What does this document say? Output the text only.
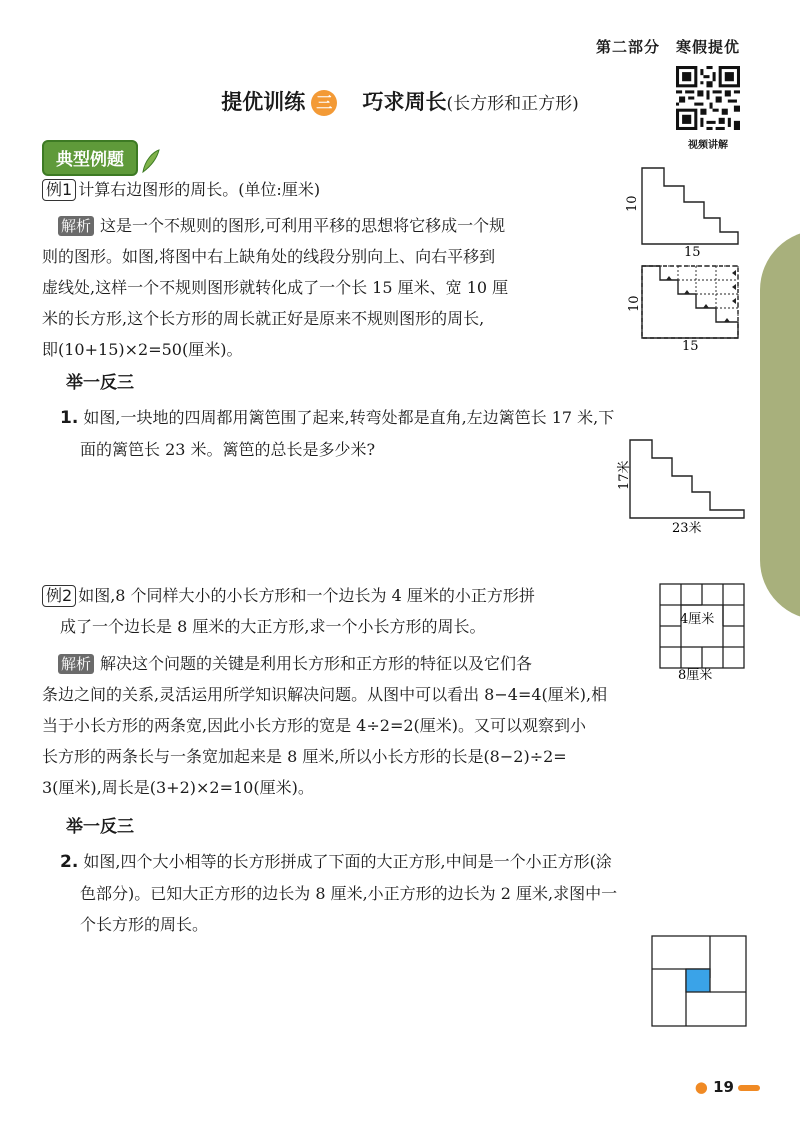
第二部分　寒假提优
视频讲解
提优训练 三 巧求周长(长方形和正方形)
典型例题
例1 计算右边图形的周长。(单位:厘米)
解析 这是一个不规则的图形,可利用平移的思想将它移成一个规
则的图形。如图,将图中右上缺角处的线段分别向上、向右平移到
虚线处,这样一个不规则图形就转化成了一个长 15 厘米、宽 10 厘
米的长方形,这个长方形的周长就正好是原来不规则图形的周长,
即(10+15)×2=50(厘米)。
10
15
10
15
举一反三
1. 如图,一块地的四周都用篱笆围了起来,转弯处都是直角,左边篱笆长 17 米,下
面的篱笆长 23 米。篱笆的总长是多少米?
17米
23米
例2 如图,8 个同样大小的小长方形和一个边长为 4 厘米的小正方形拼
成了一个边长是 8 厘米的大正方形,求一个小长方形的周长。	4厘米
8厘米
解析 解决这个问题的关键是利用长方形和正方形的特征以及它们各
条边之间的关系,灵活运用所学知识解决问题。从图中可以看出 8−4=4(厘米),相
当于小长方形的两条宽,因此小长方形的宽是 4÷2=2(厘米)。又可以观察到小
长方形的两条长与一条宽加起来是 8 厘米,所以小长方形的长是(8−2)÷2=
3(厘米),周长是(3+2)×2=10(厘米)。
举一反三
2. 如图,四个大小相等的长方形拼成了下面的大正方形,中间是一个小正方形(涂
色部分)。已知大正方形的边长为 8 厘米,小正方形的边长为 2 厘米,求图中一
个长方形的周长。
● 19
